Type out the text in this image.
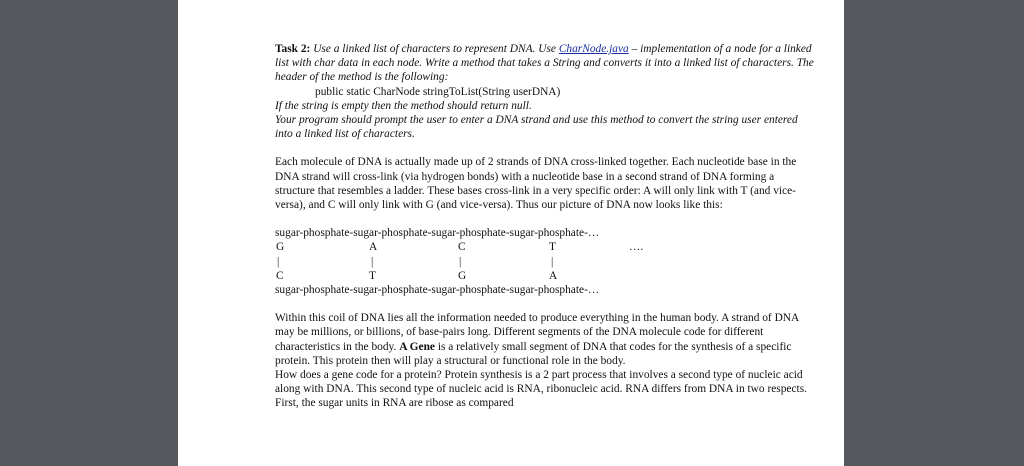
Task 2: Use a linked list of characters to represent DNA. Use CharNode.java – implementation of a node for a linked list with char data in each node. Write a method that takes a String and converts it into a linked list of characters. The header of the method is the following:

public static CharNode stringToList(String userDNA)

If the string is empty then the method should return null.

Your program should prompt the user to enter a DNA strand and use this method to convert the string user entered into a linked list of characters.

Each molecule of DNA is actually made up of 2 strands of DNA cross-linked together. Each nucleotide base in the DNA strand will cross-link (via hydrogen bonds) with a nucleotide base in a second strand of DNA forming a structure that resembles a ladder. These bases cross-link in a very specific order: A will only link with T (and vice-versa), and C will only link with G (and vice-versa). Thus our picture of DNA now looks like this:

sugar-phosphate-sugar-phosphate-sugar-phosphate-sugar-phosphate-…

G	A	C	T	….
|	|	|	|
C	T	G	A

sugar-phosphate-sugar-phosphate-sugar-phosphate-sugar-phosphate-…

Within this coil of DNA lies all the information needed to produce everything in the human body. A strand of DNA may be millions, or billions, of base-pairs long. Different segments of the DNA molecule code for different characteristics in the body. A Gene is a relatively small segment of DNA that codes for the synthesis of a specific protein. This protein then will play a structural or functional role in the body.

How does a gene code for a protein? Protein synthesis is a 2 part process that involves a second type of nucleic acid along with DNA. This second type of nucleic acid is RNA, ribonucleic acid. RNA differs from DNA in two respects. First, the sugar units in RNA are ribose as compared
